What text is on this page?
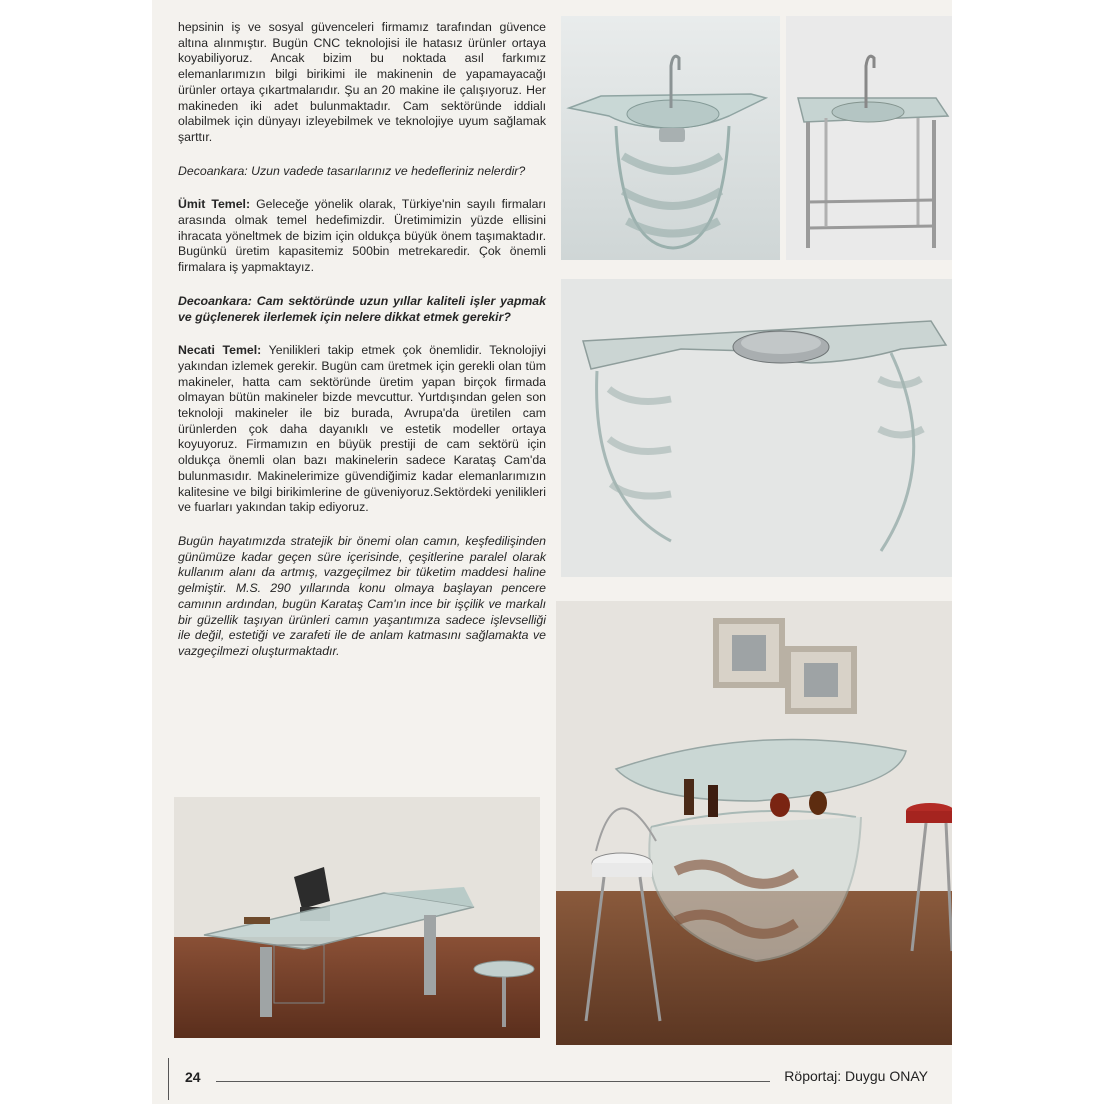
hepsinin iş ve sosyal güvenceleri firmamız tarafından güvence altına alınmıştır. Bugün CNC teknolojisi ile hatasız ürünler ortaya koyabiliyoruz. Ancak bizim bu noktada asıl farkımız elemanlarımızın bilgi birikimi ile makinenin de yapamayacağı ürünler ortaya çıkartmalarıdır. Şu an 20 makine ile çalışıyoruz. Her makineden iki adet bulunmaktadır. Cam sektöründe iddialı olabilmek için dünyayı izleyebilmek ve teknolojiye uyum sağlamak şarttır.

Decoankara: Uzun vadede tasarılarınız ve hedefleriniz nelerdir?

Ümit Temel: Geleceğe yönelik olarak, Türkiye'nin sayılı firmaları arasında olmak temel hedefimizdir. Üretimimizin yüzde ellisini ihracata yöneltmek de bizim için oldukça büyük önem taşımaktadır. Bugünkü üretim kapasitemiz 500bin metrekaredir. Çok önemli firmalara iş yapmaktayız.

Decoankara: Cam sektöründe uzun yıllar kaliteli işler yapmak ve güçlenerek ilerlemek için nelere dikkat etmek gerekir?

Necati Temel: Yenilikleri takip etmek çok önemlidir. Teknolojiyi yakından izlemek gerekir. Bugün cam üretmek için gerekli olan tüm makineler, hatta cam sektöründe üretim yapan birçok firmada olmayan bütün makineler bizde mevcuttur. Yurtdışından gelen son teknoloji makineler ile biz burada, Avrupa'da üretilen cam ürünlerden çok daha dayanıklı ve estetik modeller ortaya koyuyoruz. Firmamızın en büyük prestiji de cam sektörü için oldukça önemli olan bazı makinelerin sadece Karataş Cam'da bulunmasıdır. Makinelerimize güvendiğimiz kadar elemanlarımızın kalitesine ve bilgi birikimlerine de güveniyoruz.Sektördeki yenilikleri ve fuarları yakından takip ediyoruz.

Bugün hayatımızda stratejik bir önemi olan camın, keşfedilişinden günümüze kadar geçen süre içerisinde, çeşitlerine paralel olarak kullanım alanı da artmış, vazgeçilmez bir tüketim maddesi haline gelmiştir. M.S. 290 yıllarında konu olmaya başlayan pencere camının ardından, bugün Karataş Cam'ın ince bir işçilik ve markalı bir güzellik taşıyan ürünleri camın yaşantımıza sadece işlevselliği ile değil, estetiği ve zarafeti ile de anlam katmasını sağlamakta ve vazgeçilmezi oluşturmaktadır.

24	Röportaj: Duygu ONAY
